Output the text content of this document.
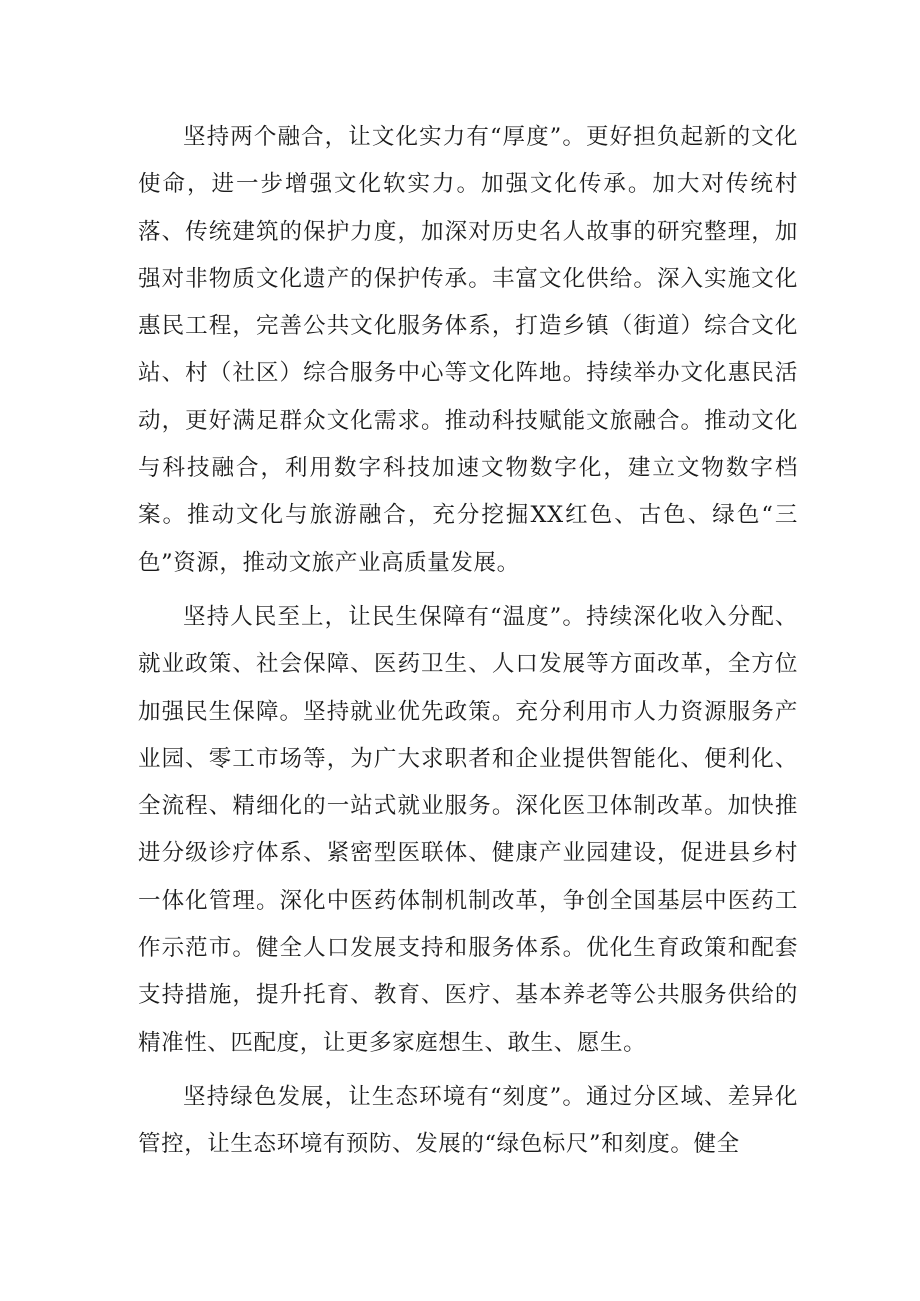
坚持两个融合，让文化实力有“厚度”。更好担负起新的文化使命，进一步增强文化软实力。加强文化传承。加大对传统村落、传统建筑的保护力度，加深对历史名人故事的研究整理，加强对非物质文化遗产的保护传承。丰富文化供给。深入实施文化惠民工程，完善公共文化服务体系，打造乡镇（街道）综合文化站、村（社区）综合服务中心等文化阵地。持续举办文化惠民活动，更好满足群众文化需求。推动科技赋能文旅融合。推动文化与科技融合，利用数字科技加速文物数字化，建立文物数字档案。推动文化与旅游融合，充分挖掘XX红色、古色、绿色“三色”资源，推动文旅产业高质量发展。

坚持人民至上，让民生保障有“温度”。持续深化收入分配、就业政策、社会保障、医药卫生、人口发展等方面改革，全方位加强民生保障。坚持就业优先政策。充分利用市人力资源服务产业园、零工市场等，为广大求职者和企业提供智能化、便利化、全流程、精细化的一站式就业服务。深化医卫体制改革。加快推进分级诊疗体系、紧密型医联体、健康产业园建设，促进县乡村一体化管理。深化中医药体制机制改革，争创全国基层中医药工作示范市。健全人口发展支持和服务体系。优化生育政策和配套支持措施，提升托育、教育、医疗、基本养老等公共服务供给的精准性、匹配度，让更多家庭想生、敢生、愿生。

坚持绿色发展，让生态环境有“刻度”。通过分区域、差异化管控，让生态环境有预防、发展的“绿色标尺”和刻度。健全
